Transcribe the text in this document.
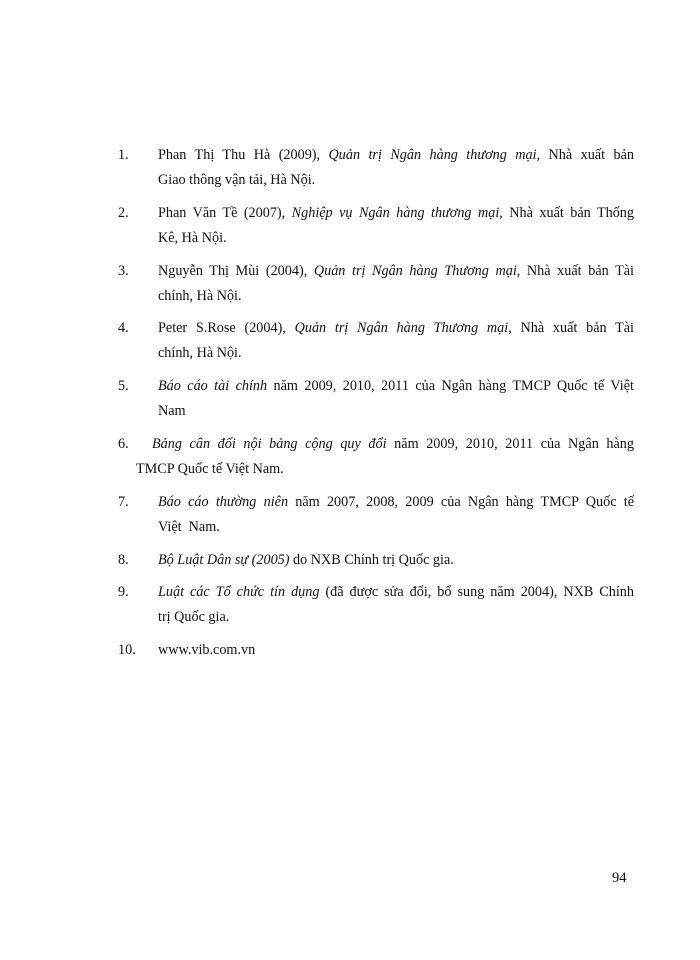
1.	Phan Thị Thu Hà (2009), Quản trị Ngân hàng thương mại, Nhà xuất bản
Giao thông vận tải, Hà Nội.
2.	Phan Văn Tề (2007), Nghiệp vụ Ngân hàng thương mại, Nhà xuất bản Thống
Kê, Hà Nội.
3.	Nguyễn Thị Mùi (2004), Quản trị Ngân hàng Thương mại, Nhà xuất bản Tài
chính, Hà Nội.
4.	Peter S.Rose (2004), Quản trị Ngân hàng Thương mại, Nhà xuất bản Tài
chính, Hà Nội.
5.	Báo cáo tài chính năm 2009, 2010, 2011 của Ngân hàng TMCP Quốc tế Việt
Nam
6.	Bảng cân đối nội bảng cộng quy đổi năm 2009, 2010, 2011 của Ngân hàng
TMCP Quốc tế Việt Nam.
7.	Báo cáo thường niên năm 2007, 2008, 2009 của Ngân hàng TMCP Quốc tế
Việt  Nam.
8.	Bộ Luật Dân sự (2005) do NXB Chính trị Quốc gia.
9.	Luật các Tổ chức tín dụng (đã được sửa đổi, bổ sung năm 2004), NXB Chính
trị Quốc gia.
10.	www.vib.com.vn
94
